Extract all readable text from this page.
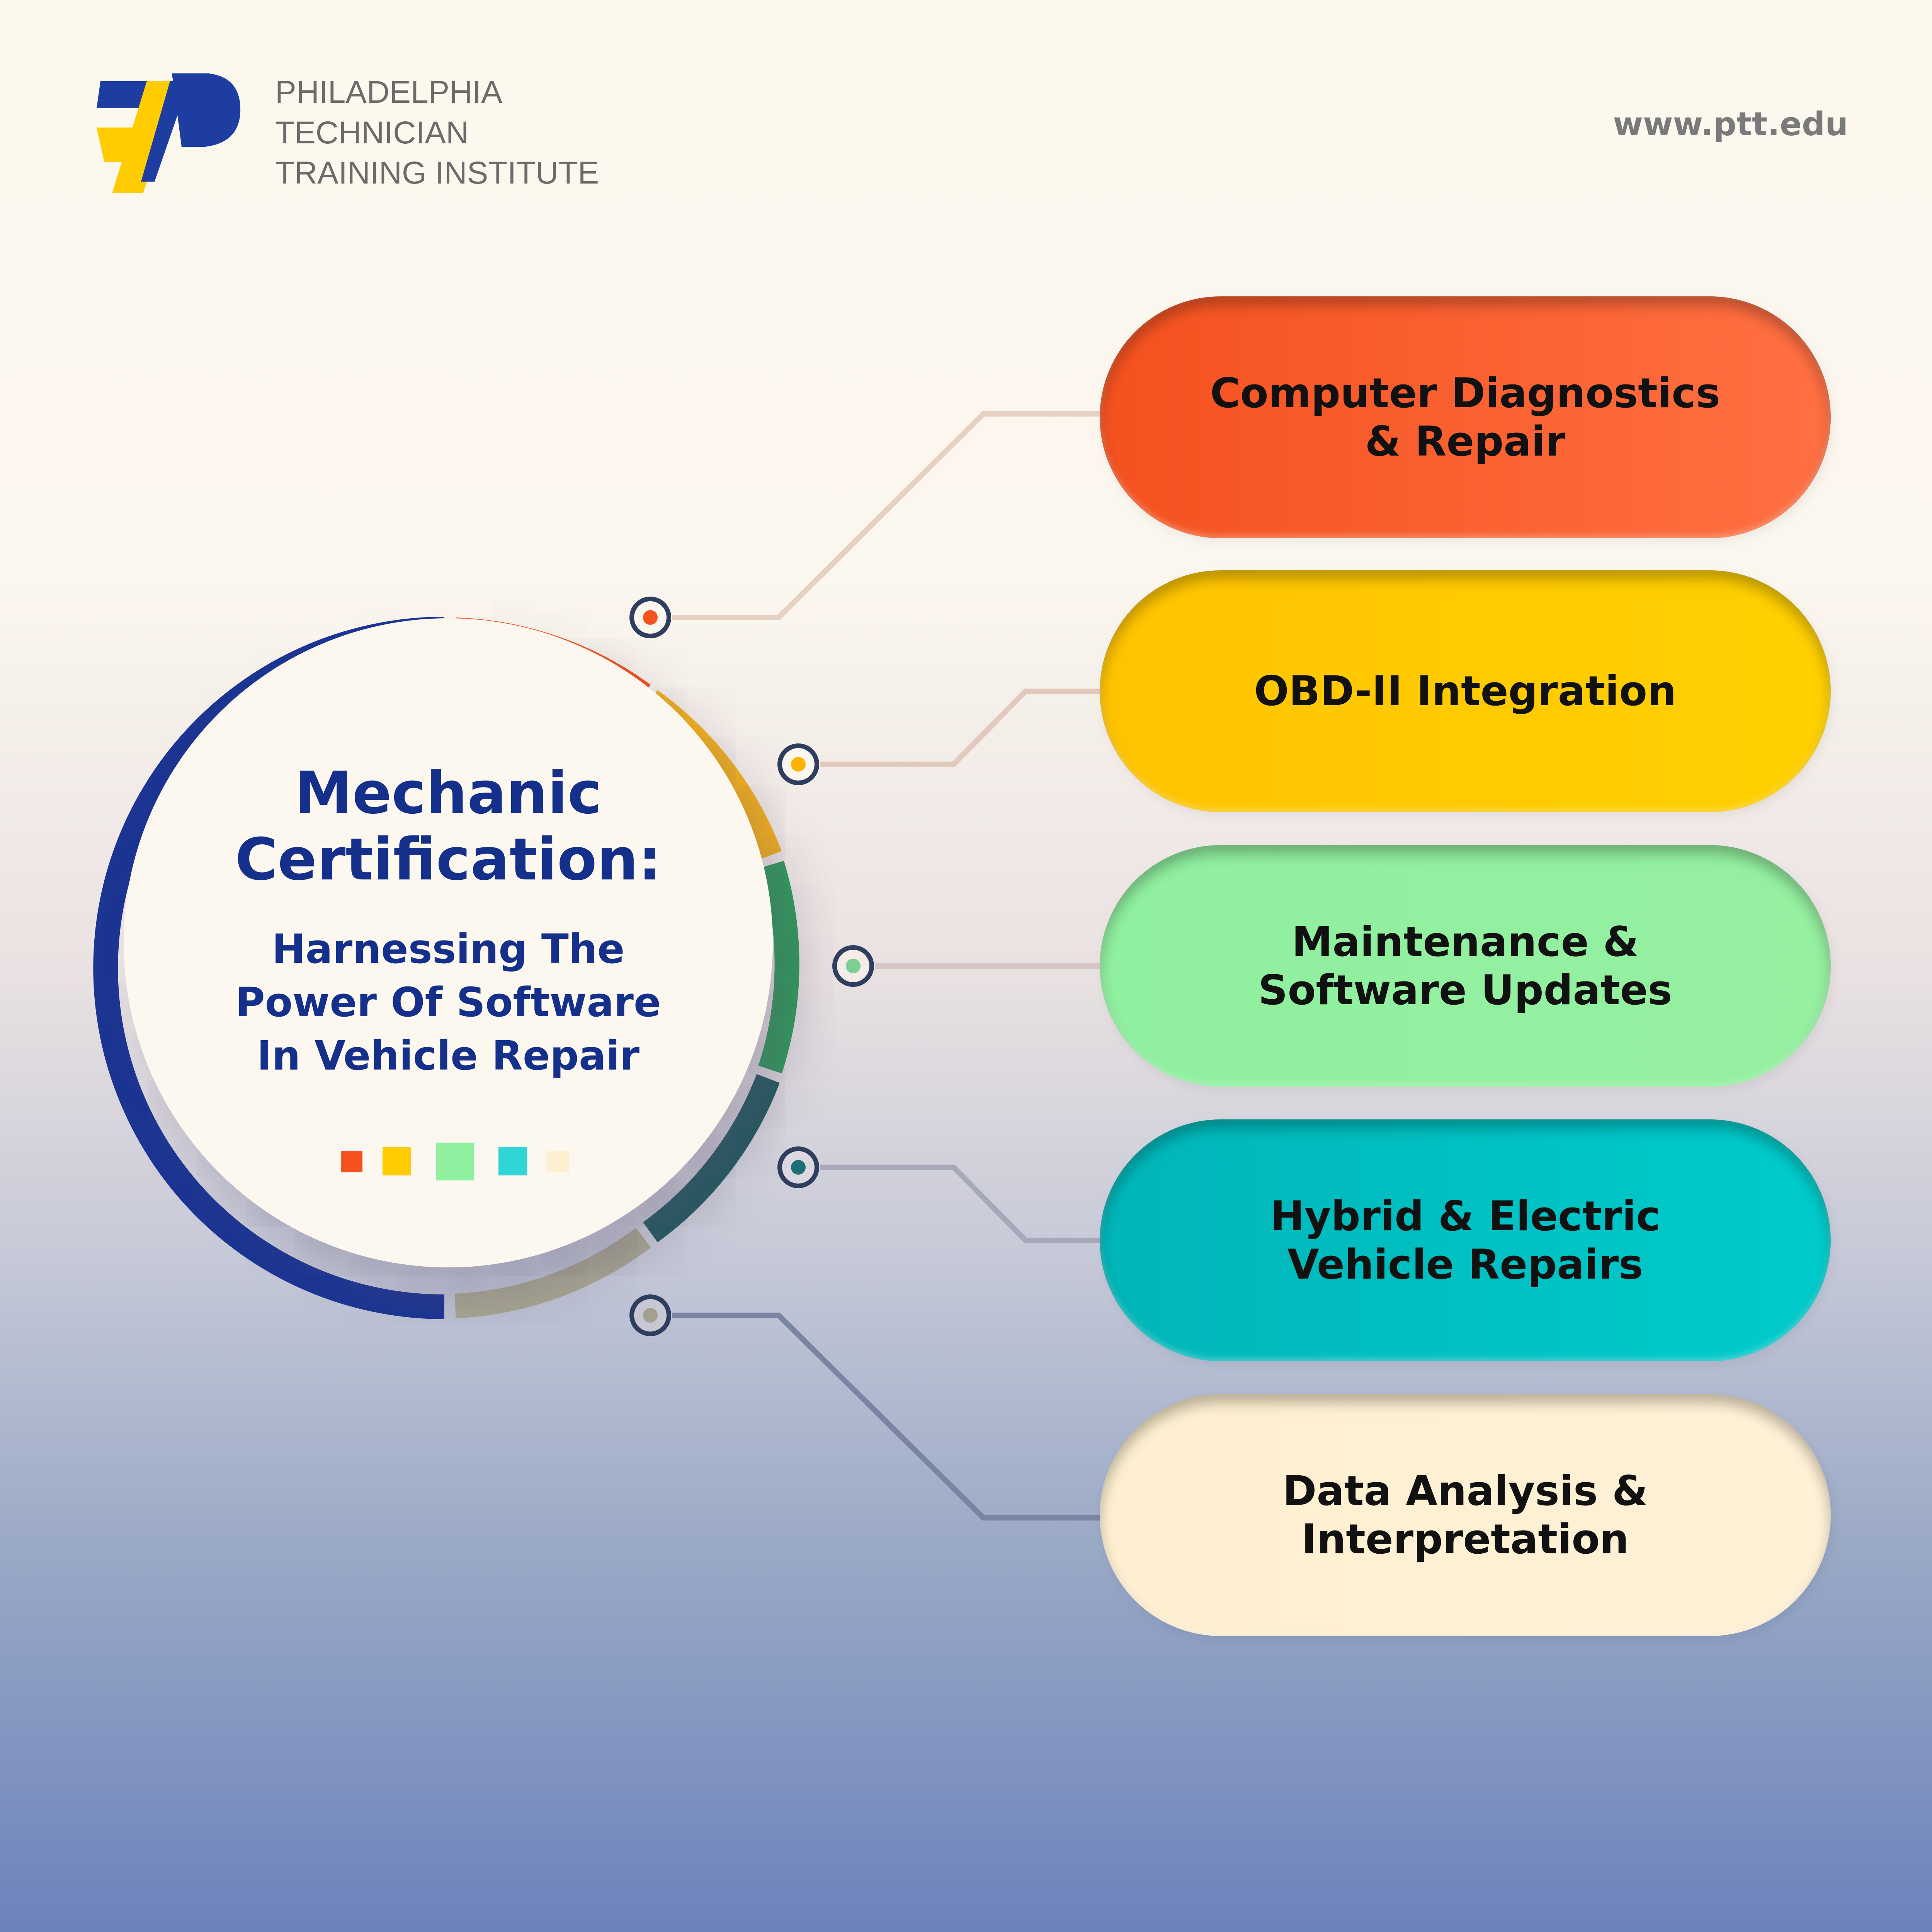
PHILADELPHIA
TECHNICIAN
TRAINING INSTITUTE
www.ptt.edu
Mechanic
Certification:
Harnessing The
Power Of Software
In Vehicle Repair
Computer Diagnostics
& Repair
OBD-II Integration
Maintenance &
Software Updates
Hybrid & Electric
Vehicle Repairs
Data Analysis &
Interpretation
